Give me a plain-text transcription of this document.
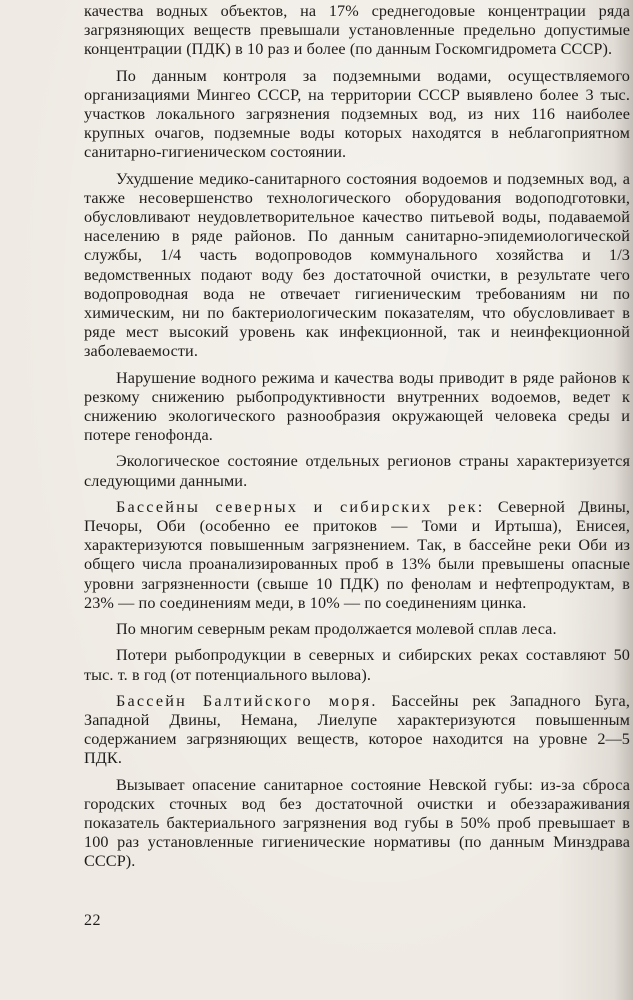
качества водных объектов, на 17% среднегодовые концентрации ряда загрязняющих веществ превышали установленные предельно допустимые концентрации (ПДК) в 10 раз и более (по данным Госкомгидромета СССР).

По данным контроля за подземными водами, осуществляемого организациями Мингео СССР, на территории СССР выявлено более 3 тыс. участков локального загрязнения подземных вод, из них 116 наиболее крупных очагов, подземные воды которых находятся в неблагоприятном санитарно-гигиеническом состоянии.

Ухудшение медико-санитарного состояния водоемов и подземных вод, а также несовершенство технологического оборудования водоподготовки, обусловливают неудовлетворительное качество питьевой воды, подаваемой населению в ряде районов. По данным санитарно-эпидемиологической службы, 1/4 часть водопроводов коммунального хозяйства и 1/3 ведомственных подают воду без достаточной очистки, в результате чего водопроводная вода не отвечает гигиеническим требованиям ни по химическим, ни по бактериологическим показателям, что обусловливает в ряде мест высокий уровень как инфекционной, так и неинфекционной заболеваемости.

Нарушение водного режима и качества воды приводит в ряде районов к резкому снижению рыбопродуктивности внутренних водоемов, ведет к снижению экологического разнообразия окружающей человека среды и потере генофонда.

Экологическое состояние отдельных регионов страны характеризуется следующими данными.

Бассейны северных и сибирских рек: Северной Двины, Печоры, Оби (особенно ее притоков — Томи и Иртыша), Енисея, характеризуются повышенным загрязнением. Так, в бассейне реки Оби из общего числа проанализированных проб в 13% были превышены опасные уровни загрязненности (свыше 10 ПДК) по фенолам и нефтепродуктам, в 23% — по соединениям меди, в 10% — по соединениям цинка.

По многим северным рекам продолжается молевой сплав леса.

Потери рыбопродукции в северных и сибирских реках составляют 50 тыс. т. в год (от потенциального вылова).

Бассейн Балтийского моря. Бассейны рек Западного Буга, Западной Двины, Немана, Лиелупе характеризуются повышенным содержанием загрязняющих веществ, которое находится на уровне 2—5 ПДК.

Вызывает опасение санитарное состояние Невской губы: из-за сброса городских сточных вод без достаточной очистки и обеззараживания показатель бактериального загрязнения вод губы в 50% проб превышает в 100 раз установленные гигиенические нормативы (по данным Минздрава СССР).

22
